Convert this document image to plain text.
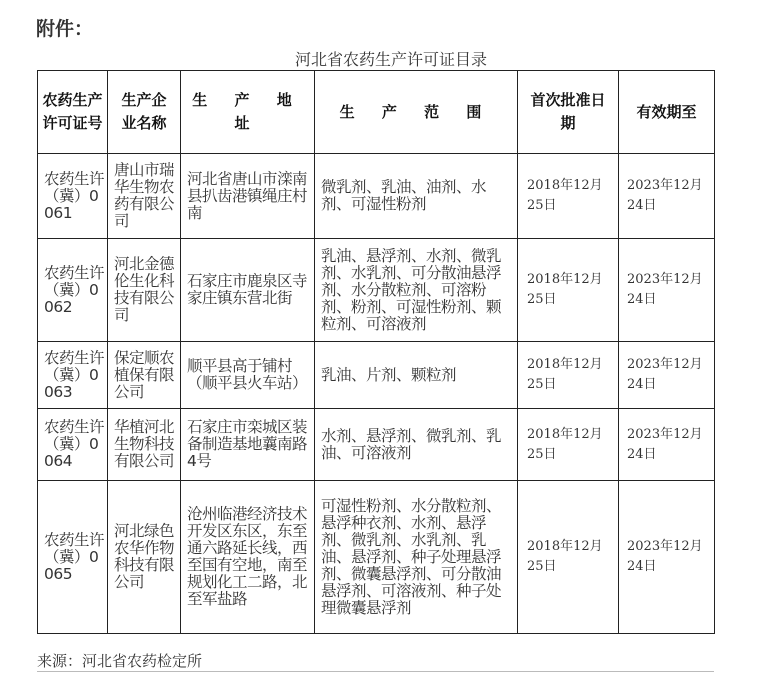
附件：
河北省农药生产许可证目录
农药生产许可证号	生产企业名称	生 产 地 址	生 产 范 围	首次批准日期	有效期至
农药生许（冀）0061	唐山市瑞华生物农药有限公司	河北省唐山市滦南县扒齿港镇绳庄村南	微乳剂、乳油、油剂、水剂、可湿性粉剂	2018年12月25日	2023年12月 24日
农药生许（冀）0062	河北金德伦生化科技有限公司	石家庄市鹿泉区寺家庄镇东营北街	乳油、悬浮剂、水剂、微乳剂、水乳剂、可分散油悬浮剂、水分散粒剂、可溶粉剂、粉剂、可湿性粉剂、颗粒剂、可溶液剂	2018年12月25日	2023年12月 24日
农药生许（冀）0063	保定顺农植保有限公司	顺平县高于铺村（顺平县火车站）	乳油、片剂、颗粒剂	2018年12月25日	2023年12月 24日
农药生许（冀）0064	华植河北生物科技有限公司	石家庄市栾城区装备制造基地蘘南路4号	水剂、悬浮剂、微乳剂、乳油、可溶液剂	2018年12月25日	2023年12月 24日
农药生许（冀）0065	河北绿色农华作物科技有限公司	沧州临港经济技术开发区东区，东至通六路延长线，西至国有空地，南至规划化工二路，北至军盐路	可湿性粉剂、水分散粒剂、悬浮种衣剂、水剂、悬浮剂、微乳剂、水乳剂、乳油、悬浮剂、种子处理悬浮剂、微囊悬浮剂、可分散油悬浮剂、可溶液剂、种子处理微囊悬浮剂	2018年12月25日	2023年12月 24日
来源：河北省农药检定所
